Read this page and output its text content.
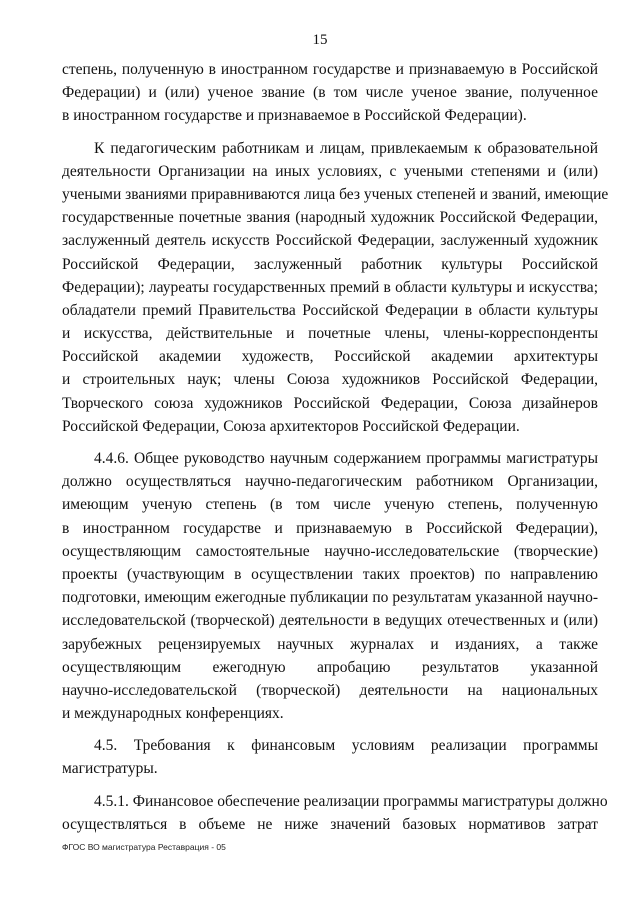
15
степень, полученную в иностранном государстве и признаваемую в Российской
Федерации) и (или) ученое звание (в том числе ученое звание, полученное
в иностранном государстве и признаваемое в Российской Федерации).
К педагогическим работникам и лицам, привлекаемым к образовательной
деятельности Организации на иных условиях, с учеными степенями и (или)
учеными званиями приравниваются лица без ученых степеней и званий, имеющие
государственные почетные звания (народный художник Российской Федерации,
заслуженный деятель искусств Российской Федерации, заслуженный художник
Российской Федерации, заслуженный работник культуры Российской
Федерации); лауреаты государственных премий в области культуры и искусства;
обладатели премий Правительства Российской Федерации в области культуры
и искусства, действительные и почетные члены, члены-корреспонденты
Российской академии художеств, Российской академии архитектуры
и строительных наук; члены Союза художников Российской Федерации,
Творческого союза художников Российской Федерации, Союза дизайнеров
Российской Федерации, Союза архитекторов Российской Федерации.
4.4.6. Общее руководство научным содержанием программы магистратуры
должно осуществляться научно-педагогическим работником Организации,
имеющим ученую степень (в том числе ученую степень, полученную
в иностранном государстве и признаваемую в Российской Федерации),
осуществляющим самостоятельные научно-исследовательские (творческие)
проекты (участвующим в осуществлении таких проектов) по направлению
подготовки, имеющим ежегодные публикации по результатам указанной научно-
исследовательской (творческой) деятельности в ведущих отечественных и (или)
зарубежных рецензируемых научных журналах и изданиях, а также
осуществляющим ежегодную апробацию результатов указанной
научно-исследовательской (творческой) деятельности на национальных
и международных конференциях.
4.5. Требования к финансовым условиям реализации программы
магистратуры.
4.5.1. Финансовое обеспечение реализации программы магистратуры должно
осуществляться в объеме не ниже значений базовых нормативов затрат
ФГОС ВО магистратура Реставрация - 05
